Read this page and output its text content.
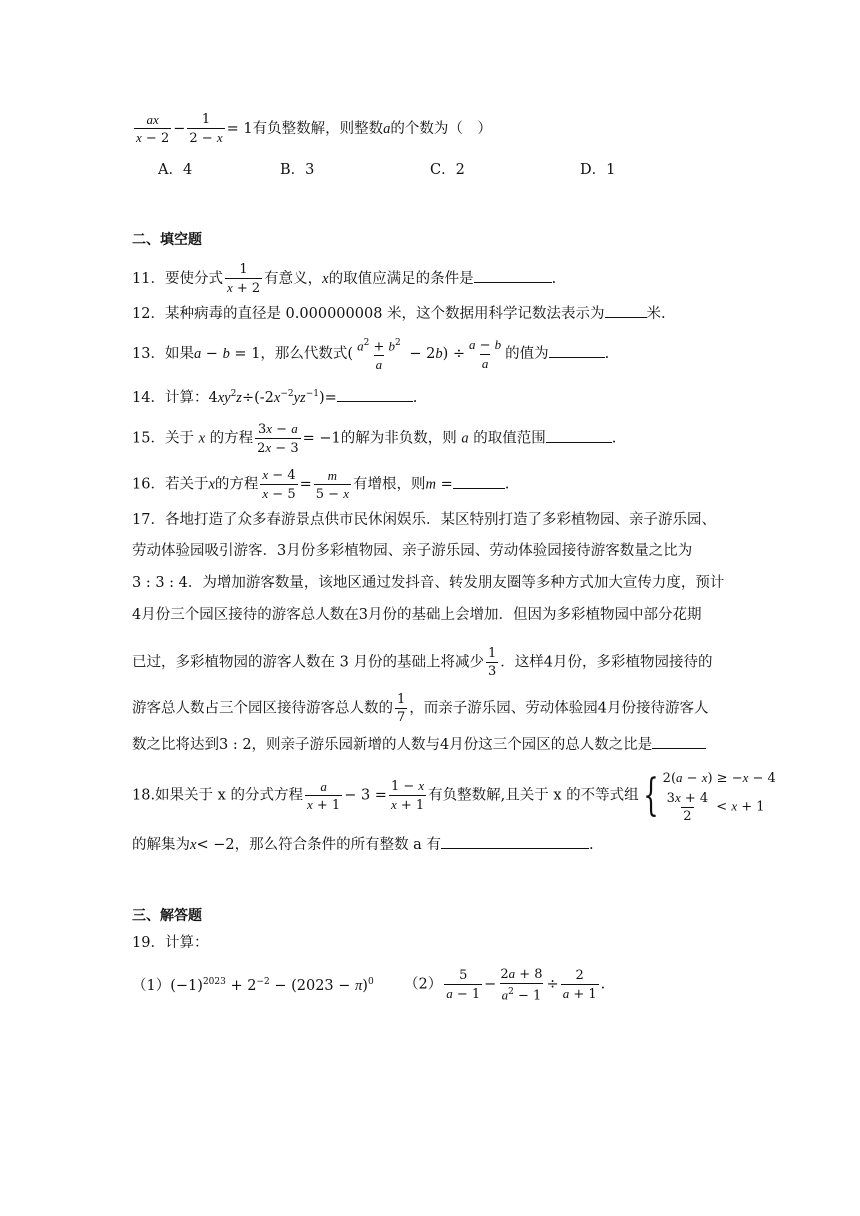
$\frac{ax}{x - 2} - \frac{1}{2 - x} = 1$有负整数解，则整数a的个数为（　）
A．4	B．3	C．2	D．1
二、填空题
11．要使分式 $\frac{1}{x + 2}$ 有意义，x的取值应满足的条件是	.
12．某种病毒的直径是 0.000000008 米，这个数据用科学记数法表示为	米.
13．如果a − b = 1，那么代数式( $\frac{a^2 + b^2}{a} - 2b) \div \frac{a - b}{a}$ 的值为	.
14．计算：$4xy^2z\div(-2x^{-2}yz^{-1})=$	.
15．关于 x 的方程 $\frac{3x - a}{2x - 3} = -1$的解为非负数，则 a 的取值范围	.
16．若关于x的方程 $\frac{x - 4}{x - 5} = \frac{m}{5 - x}$ 有增根，则m =	.
17．各地打造了众多春游景点供市民休闲娱乐．某区特别打造了多彩植物园、亲子游乐园、
劳动体验园吸引游客．3月份多彩植物园、亲子游乐园、劳动体验园接待游客数量之比为
3 : 3 : 4．为增加游客数量，该地区通过发抖音、转发朋友圈等多种方式加大宣传力度，预计
4月份三个园区接待的游客总人数在3月份的基础上会增加．但因为多彩植物园中部分花期
已过，多彩植物园的游客人数在 3 月份的基础上将减少 $\frac{1}{3}$ ．这样4月份，多彩植物园接待的
游客总人数占三个园区接待游客总人数的 $\frac{1}{7}$ ，而亲子游乐园、劳动体验园4月份接待游客人
数之比将达到3 : 2，则亲子游乐园新增的人数与4月份这三个园区的总人数之比是
18.如果关于 x 的分式方程 $\frac{a}{x + 1} - 3 = \frac{1 - x}{x + 1}$ 有负整数解,且关于 x 的不等式组{ 2(a − x) ≥ −x − 4
$\frac{3x + 4}{2} < x + 1$
的解集为x< −2，那么符合条件的所有整数 a 有	.
三、解答题
19．计算：
$(1)(-1)^{2023} + 2^{-2} - (2023 - \pi)^0$ $(2) \frac{5}{a - 1} - \frac{2a + 8}{a^2 - 1} \div \frac{2}{a + 1}$ .
